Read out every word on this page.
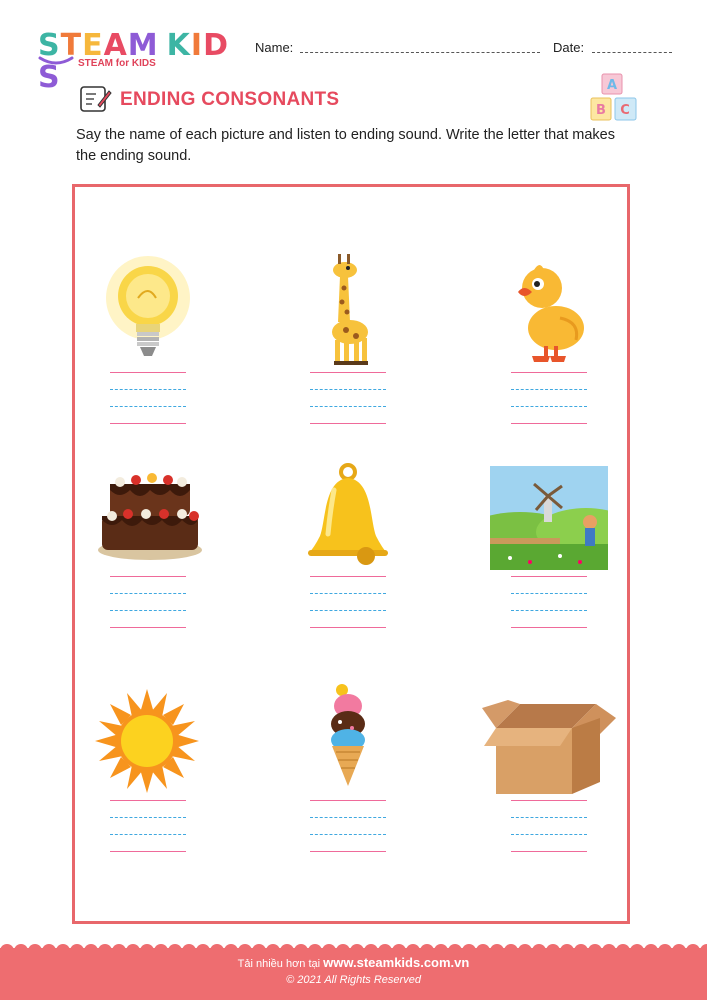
STEAM KIDS	STEAM for KIDS
Name:	Date:
ENDING CONSONANTS
A
B C
Say the name of each picture and listen to ending sound. Write the letter that makes the ending sound.
Tải nhiều hơn tại www.steamkids.com.vn
© 2021 All Rights Reserved
